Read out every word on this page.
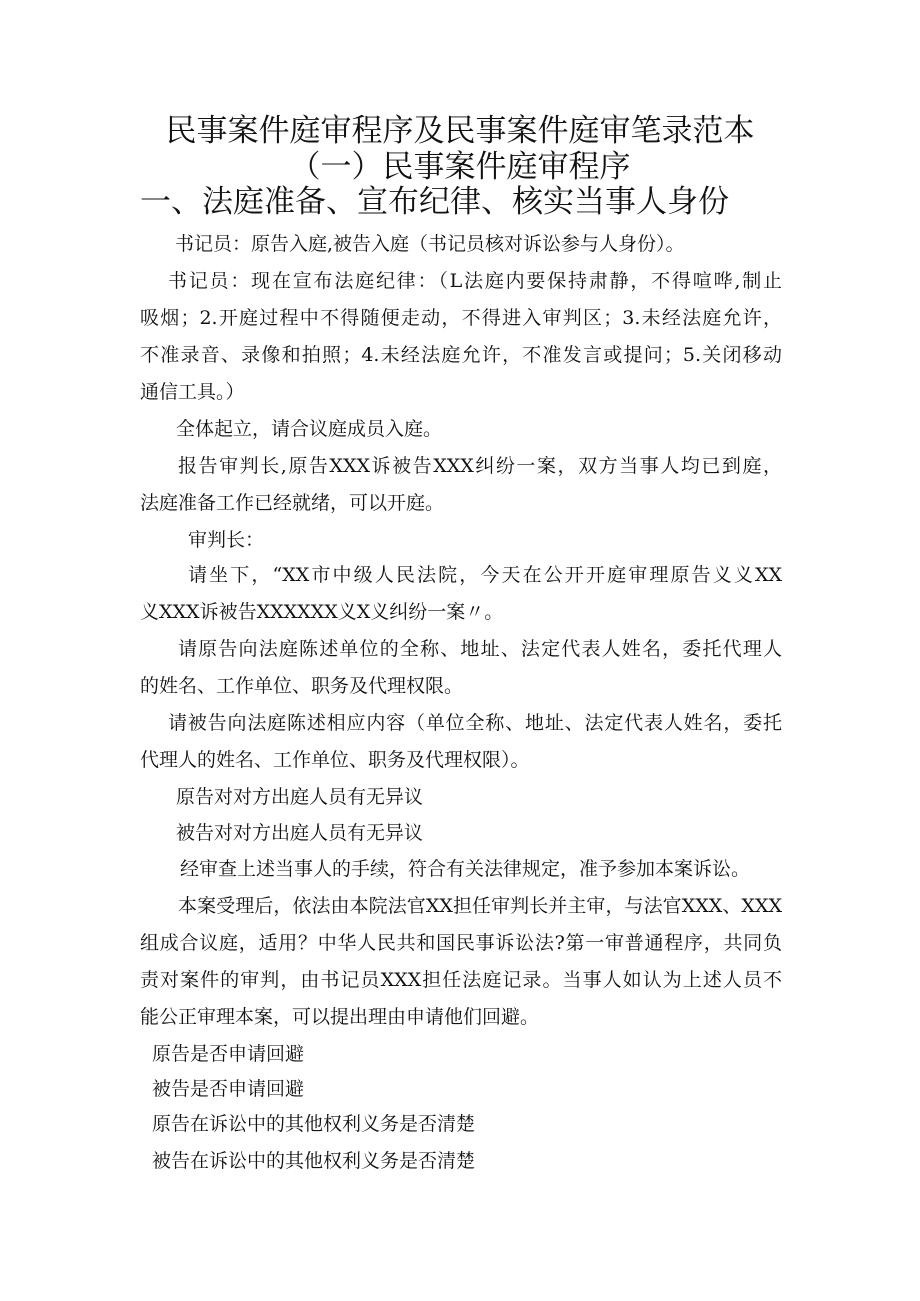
民事案件庭审程序及民事案件庭审笔录范本
（一）民事案件庭审程序
一、法庭准备、宣布纪律、核实当事人身份
书记员：原告入庭,被告入庭（书记员核对诉讼参与人身份）。
书记员：现在宣布法庭纪律：（L法庭内要保持肃静，不得喧哗,制止
吸烟；2.开庭过程中不得随便走动，不得进入审判区；3.未经法庭允许，
不准录音、录像和拍照；4.未经法庭允许，不准发言或提问；5.关闭移动
通信工具。）
全体起立，请合议庭成员入庭。
报告审判长,原告XXX诉被告XXX纠纷一案，双方当事人均已到庭，
法庭准备工作已经就绪，可以开庭。
审判长：
请坐下，“XX市中级人民法院，今天在公开开庭审理原告义义XX
义XXX诉被告XXXXXX义X义纠纷一案〃。
请原告向法庭陈述单位的全称、地址、法定代表人姓名，委托代理人
的姓名、工作单位、职务及代理权限。
请被告向法庭陈述相应内容（单位全称、地址、法定代表人姓名，委托
代理人的姓名、工作单位、职务及代理权限）。
原告对对方出庭人员有无异议
被告对对方出庭人员有无异议
经审查上述当事人的手续，符合有关法律规定，准予参加本案诉讼。
本案受理后，依法由本院法官XX担任审判长并主审，与法官XXX、XXX
组成合议庭，适用？中华人民共和国民事诉讼法?第一审普通程序，共同负
责对案件的审判，由书记员XXX担任法庭记录。当事人如认为上述人员不
能公正审理本案，可以提出理由申请他们回避。
原告是否申请回避
被告是否申请回避
原告在诉讼中的其他权利义务是否清楚
被告在诉讼中的其他权利义务是否清楚
